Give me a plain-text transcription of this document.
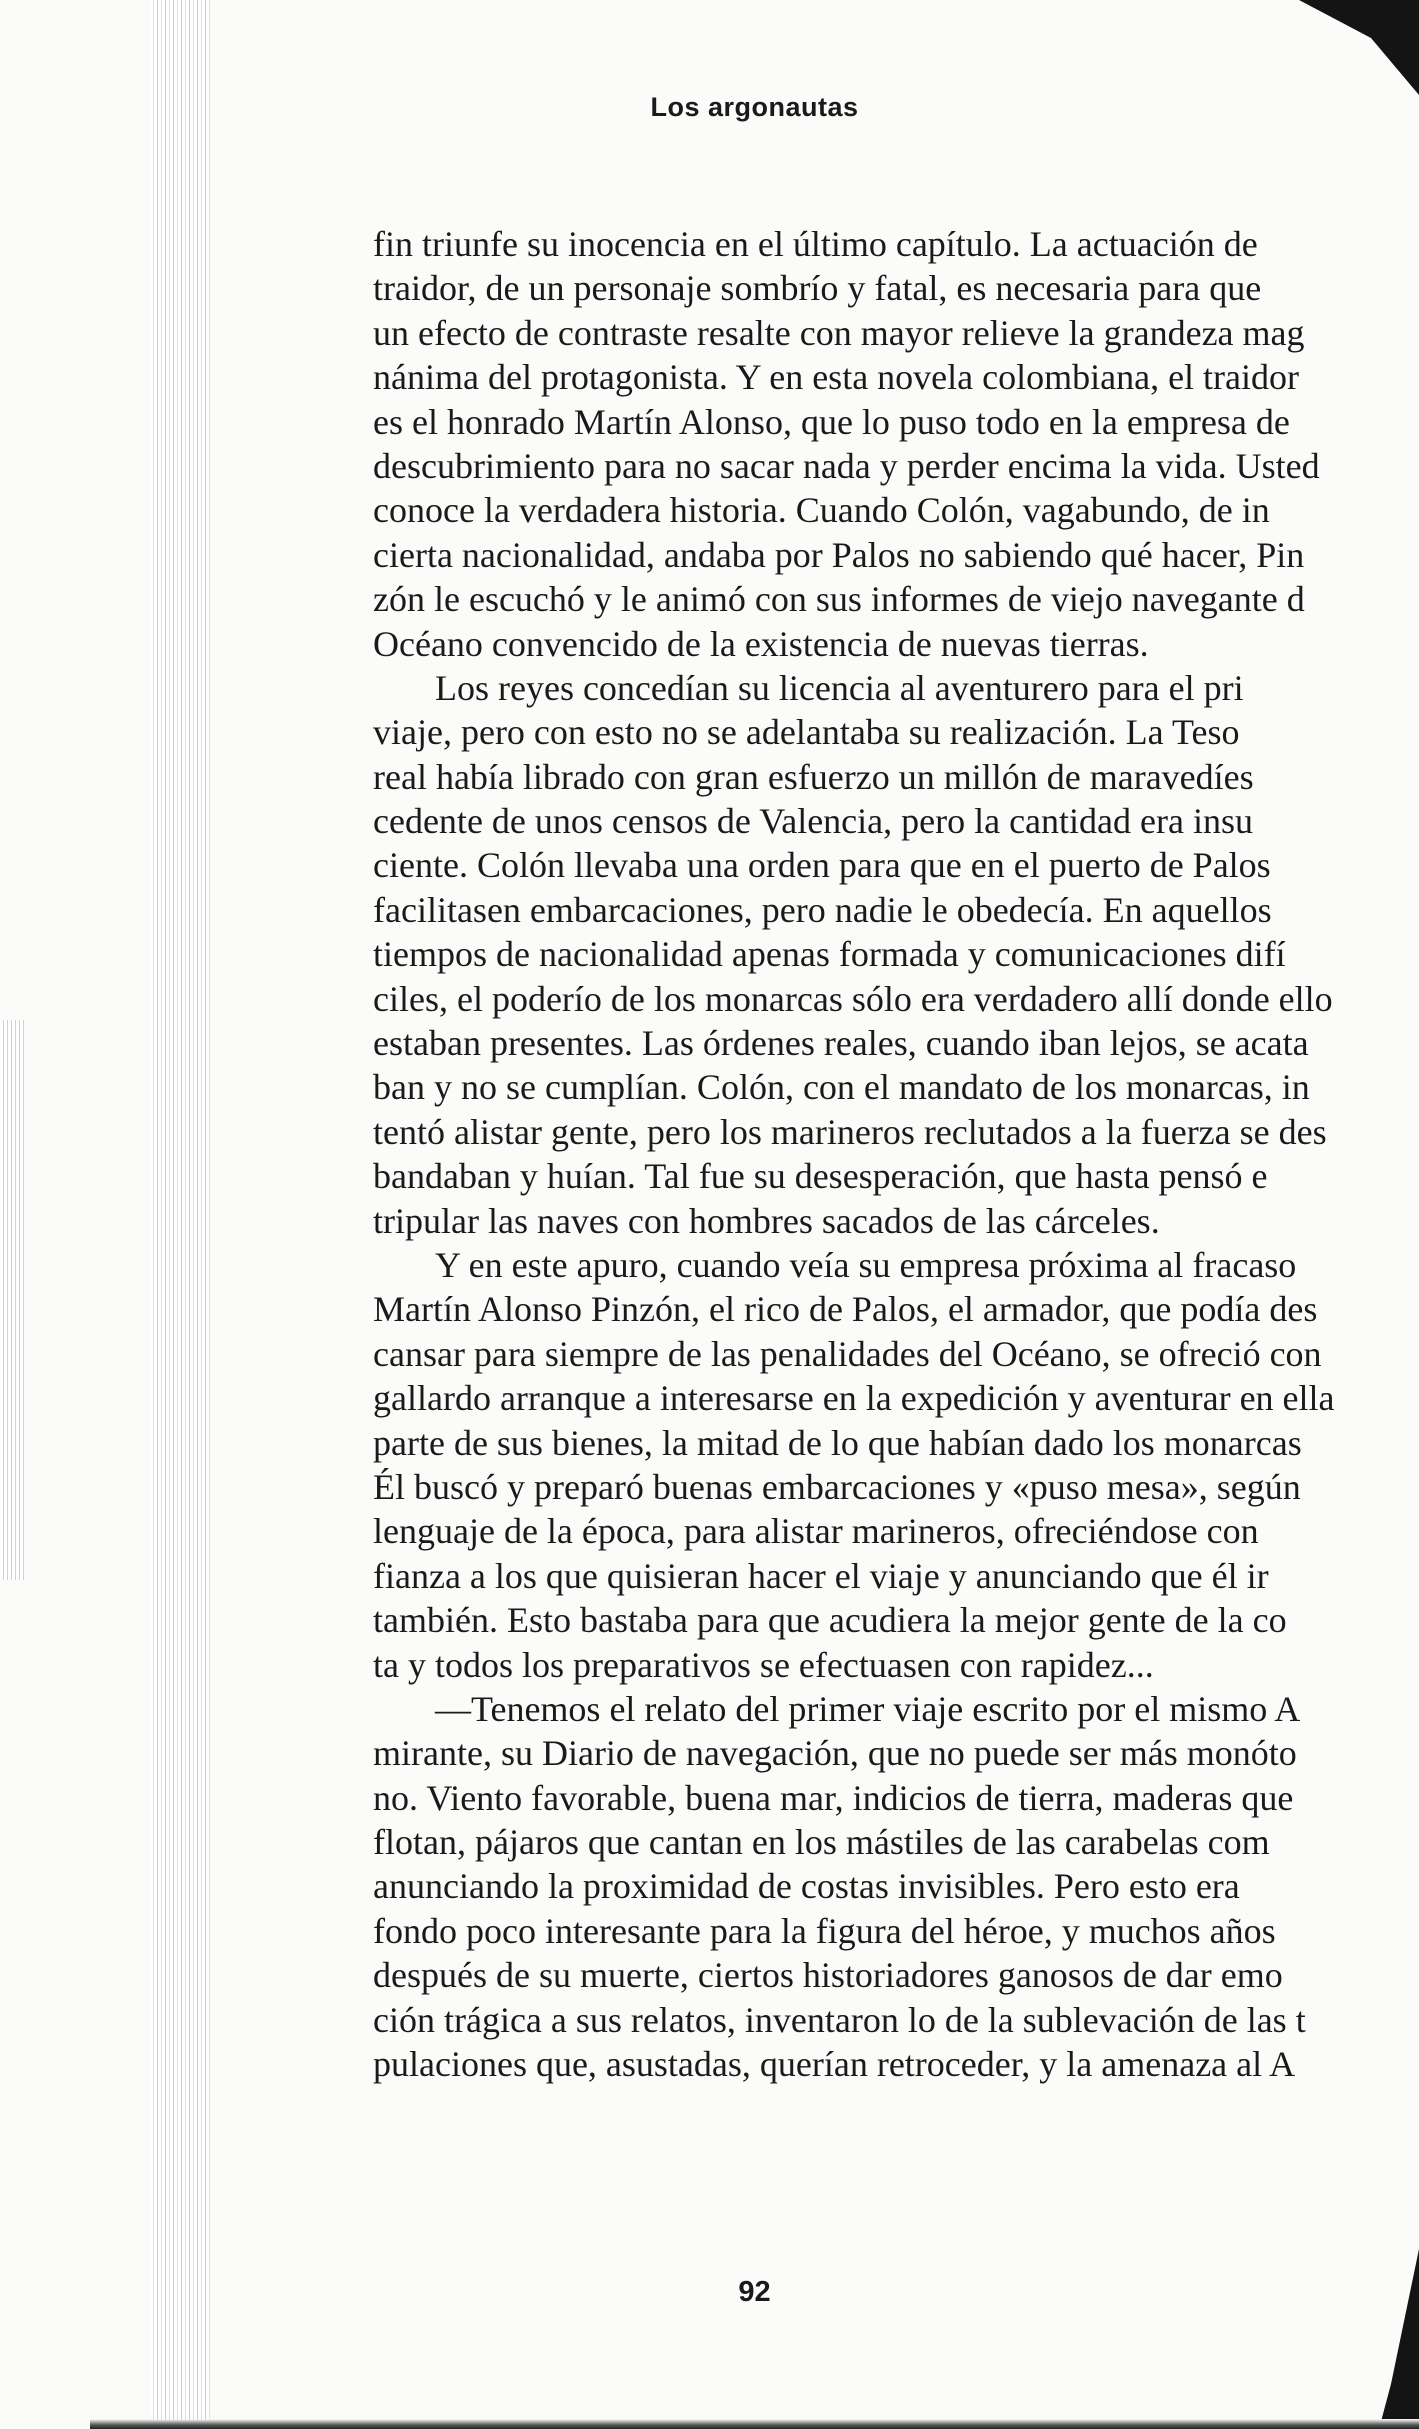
Los argonautas
fin triunfe su inocencia en el último capítulo. La actuación de
traidor, de un personaje sombrío y fatal, es necesaria para que
un efecto de contraste resalte con mayor relieve la grandeza mag
nánima del protagonista. Y en esta novela colombiana, el traidor
es el honrado Martín Alonso, que lo puso todo en la empresa de
descubrimiento para no sacar nada y perder encima la vida. Usted
conoce la verdadera historia. Cuando Colón, vagabundo, de in
cierta nacionalidad, andaba por Palos no sabiendo qué hacer, Pin
zón le escuchó y le animó con sus informes de viejo navegante d
Océano convencido de la existencia de nuevas tierras.
Los reyes concedían su licencia al aventurero para el pri
viaje, pero con esto no se adelantaba su realización. La Teso
real había librado con gran esfuerzo un millón de maravedíes
cedente de unos censos de Valencia, pero la cantidad era insu
ciente. Colón llevaba una orden para que en el puerto de Palos
facilitasen embarcaciones, pero nadie le obedecía. En aquellos
tiempos de nacionalidad apenas formada y comunicaciones difí
ciles, el poderío de los monarcas sólo era verdadero allí donde ello
estaban presentes. Las órdenes reales, cuando iban lejos, se acata
ban y no se cumplían. Colón, con el mandato de los monarcas, in
tentó alistar gente, pero los marineros reclutados a la fuerza se des
bandaban y huían. Tal fue su desesperación, que hasta pensó e
tripular las naves con hombres sacados de las cárceles.
Y en este apuro, cuando veía su empresa próxima al fracaso
Martín Alonso Pinzón, el rico de Palos, el armador, que podía des
cansar para siempre de las penalidades del Océano, se ofreció con
gallardo arranque a interesarse en la expedición y aventurar en ella
parte de sus bienes, la mitad de lo que habían dado los monarcas
Él buscó y preparó buenas embarcaciones y «puso mesa», según
lenguaje de la época, para alistar marineros, ofreciéndose con
fianza a los que quisieran hacer el viaje y anunciando que él ir
también. Esto bastaba para que acudiera la mejor gente de la co
ta y todos los preparativos se efectuasen con rapidez...
—Tenemos el relato del primer viaje escrito por el mismo A
mirante, su Diario de navegación, que no puede ser más monóto
no. Viento favorable, buena mar, indicios de tierra, maderas que
flotan, pájaros que cantan en los mástiles de las carabelas com
anunciando la proximidad de costas invisibles. Pero esto era
fondo poco interesante para la figura del héroe, y muchos años
después de su muerte, ciertos historiadores ganosos de dar emo
ción trágica a sus relatos, inventaron lo de la sublevación de las t
pulaciones que, asustadas, querían retroceder, y la amenaza al A
92
